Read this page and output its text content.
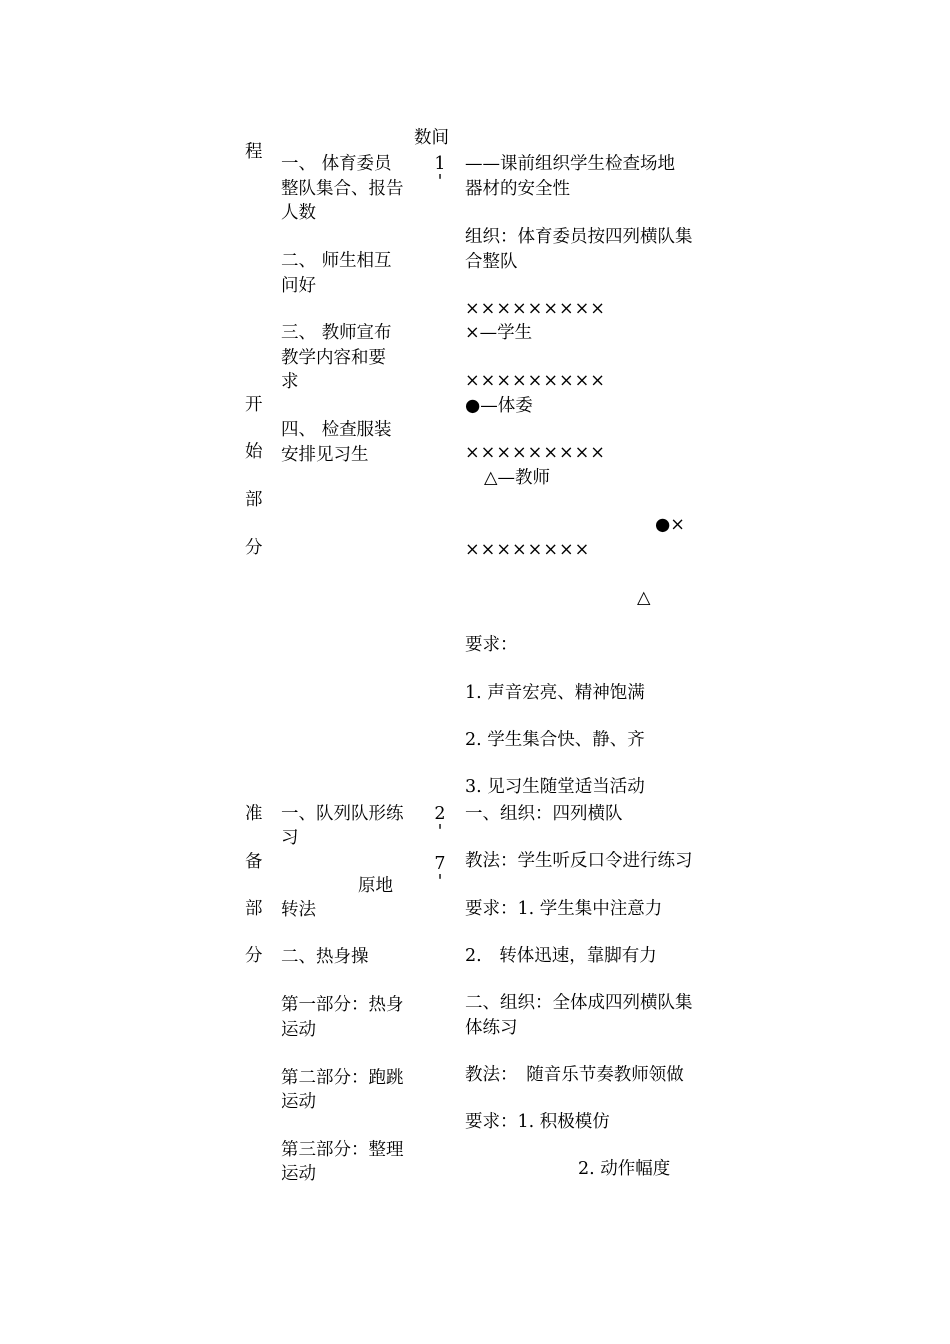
程
数间
开
始
部
分
一、 体育委员
整队集合、报告
人数
二、 师生相互
问好
三、 教师宣布
教学内容和要
求
四、 检查服装
安排见习生
1
'
——课前组织学生检查场地
器材的安全性
组织：体育委员按四列横队集
合整队
×××××××××
×—学生
×××××××××
●—体委
×××××××××
△—教师
●×
××××××××
△
要求：
1. 声音宏亮、精神饱满
2. 学生集合快、静、齐
3. 见习生随堂适当活动
准
备
部
分
一、队列队形练
习
原地
转法
二、热身操
第一部分：热身
运动
第二部分：跑跳
运动
第三部分：整理
运动
2
'
7
'
一、组织：四列横队
教法：学生听反口令进行练习
要求：1. 学生集中注意力
2.　转体迅速，靠脚有力
二、组织：全体成四列横队集
体练习
教法：　随音乐节奏教师领做
要求：1. 积极模仿
2. 动作幅度
